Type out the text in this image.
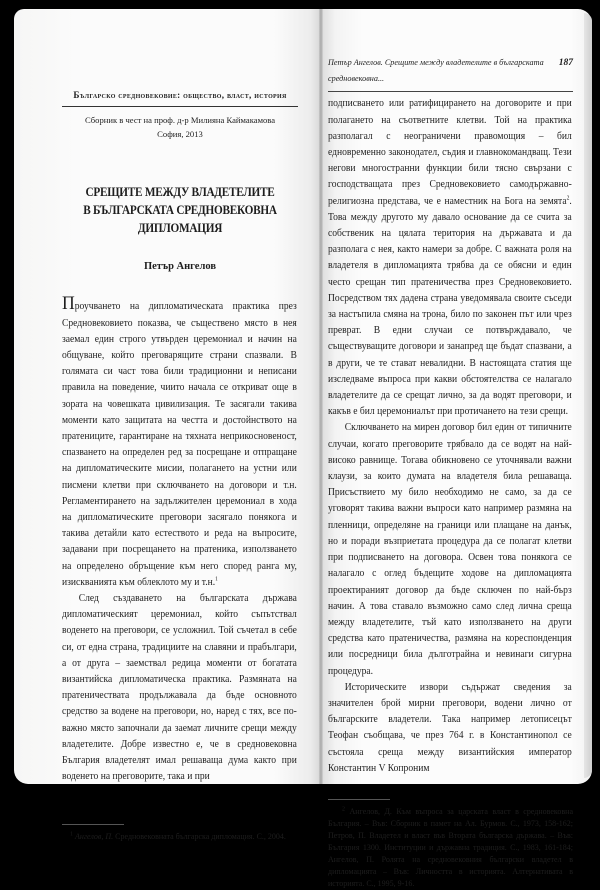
Българско средновековие: общество, власт, история
Сборник в чест на проф. д-р Милияна Каймакамова
София, 2013
СРЕЩИТЕ МЕЖДУ ВЛАДЕТЕЛИТЕ
В БЪЛГАРСКАТА СРЕДНОВЕКОВНА ДИПЛОМАЦИЯ
Петър Ангелов

Проучването на дипломатическата практика през Средновековието показва, че съществено място в нея заемал един строго утвърден церемониал и начин на общуване, който преговарящите страни спазвали. В голямата си част това били традиционни и неписани правила на поведение, чиито начала се откриват още в зората на човешката цивилизация. Те засягали такива моменти като защитата на честта и достойнството на пратениците, гарантиране на тяхната неприкосновеност, спазването на определен ред за посрещане и отпращане на дипломатическите мисии, полагането на устни или писмени клетви при сключването на договори и т.н. Регламентирането на задължителен церемониал в хода на дипломатическите преговори засягало понякога и такива детайли като естеството и реда на въпросите, задавани при посрещането на пратеника, използването на определено обръщение към него според ранга му, изискванията към облеклото му и т.н.$^1$

След създаването на българската държава дипломатическият церемониал, който съпътствал воденето на преговори, се усложнил. Той съчетал в себе си, от една страна, традициите на славяни и прабългари, а от друга – заемствал редица моменти от богатата византийска дипломатическа практика. Размяната на пратеничествата продължавала да бъде основното средство за водене на преговори, но, наред с тях, все по-важно място започнали да заемат личните срещи между владетелите. Добре известно е, че в средновековна България владетелят имал решаваща дума както при воденето на преговорите, така и при

$^1$ Ангелов, П. Средновековната българска дипломация. С., 2004.
Петър Ангелов. Срещите между владетелите в българската средновековна...
187

подписването или ратифицирането на договорите и при полагането на съответните клетви. Той на практика разполагал с неограничени правомощия – бил едновременно законодател, съдия и главнокомандващ. Тези негови многостранни функции били тясно свързани с господстващата през Средновековието самодържавно-религиозна представа, че е наместник на Бога на земята$^2$. Това между другото му давало основание да се счита за собственик на цялата територия на държавата и да разполага с нея, както намери за добре. С важната роля на владетеля в дипломацията трябва да се обясни и един често срещан тип пратеничества през Средновековието. Посредством тях дадена страна уведомявала своите съседи за настъпила смяна на трона, било по законен път или чрез преврат. В едни случаи се потвърждавало, че съществуващите договори и занапред ще бъдат спазвани, а в други, че те стават невалидни. В настоящата статия ще изследваме въпроса при какви обстоятелства се налагало владетелите да се срещат лично, за да водят преговори, и какъв е бил церемониалът при протичането на тези срещи.

Сключването на мирен договор бил един от типичните случаи, когато преговорите трябвало да се водят на най-високо равнище. Тогава обикновено се уточнявали важни клаузи, за които думата на владетеля била решаваща. Присъствието му било необходимо не само, за да се уговорят такива важни въпроси като например размяна на пленници, определяне на граници или плащане на данък, но и поради възприетата процедура да се полагат клетви при подписването на договора. Освен това понякога се налагало с оглед бъдещите ходове на дипломацията проектираният договор да бъде сключен по най-бърз начин. А това ставало възможно само след лична среща между владетелите, тъй като използването на други средства като пратеничества, размяна на кореспонденция или посредници била дълготрайна и невинаги сигурна процедура.

Историческите извори съдържат сведения за значителен брой мирни преговори, водени лично от българските владетели. Така например летописецът Теофан съобщава, че през 764 г. в Константинопол се състояла среща между византийския император Константин V Копроним

$^2$ Ангелов, Д. Към въпроса за царската власт в средновековна България. – Във: Сборник в памет на Ал. Бурмов. С., 1973, 158-162; Петров, П. Владетел и власт във Втората българска държава. – Във: България 1300. Институции и държавна традиция. С., 1983, 161-184; Ангелов, П. Ролята на средновековния български владетел в дипломацията – Във: Личността в историята. Алтернативата в историята. С., 1995, 9-16.
